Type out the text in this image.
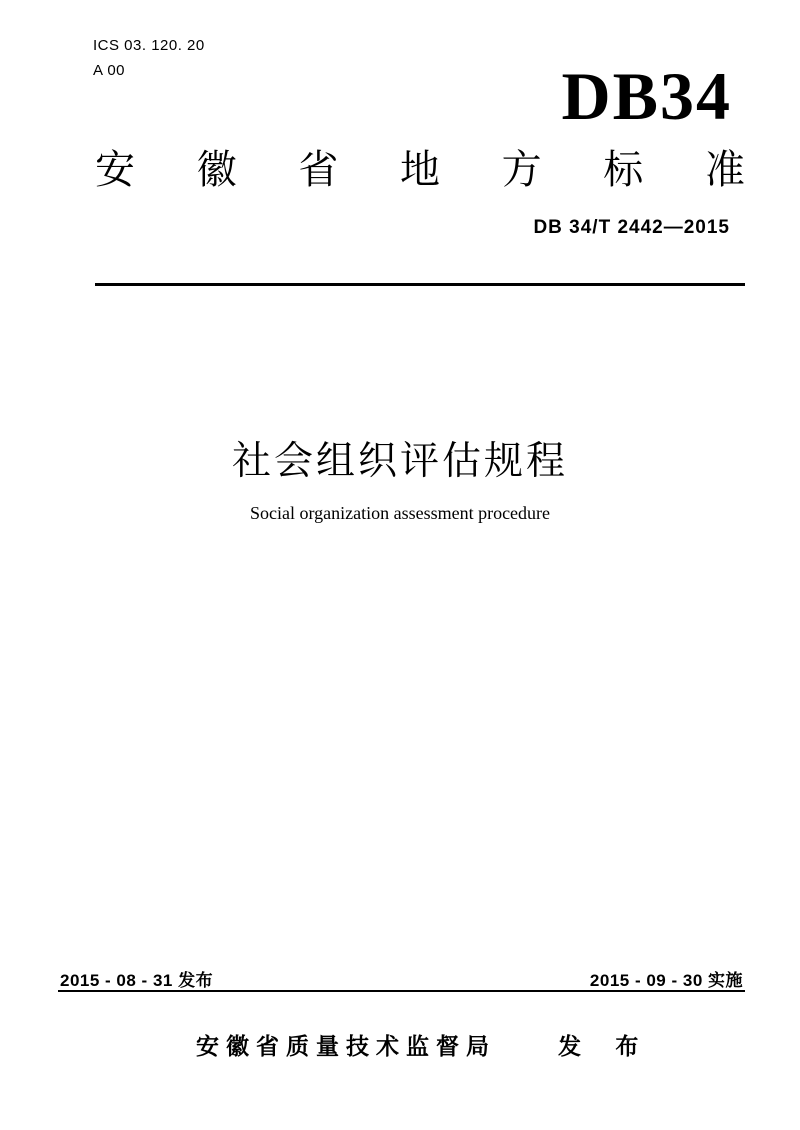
ICS 03. 120. 20
A 00	DB34
安 徽 省 地 方 标 准
DB 34/T 2442—2015
社会组织评估规程
Social organization assessment procedure
2015 - 08 - 31 发布	2015 - 09 - 30 实施
安徽省质量技术监督局	发 布
